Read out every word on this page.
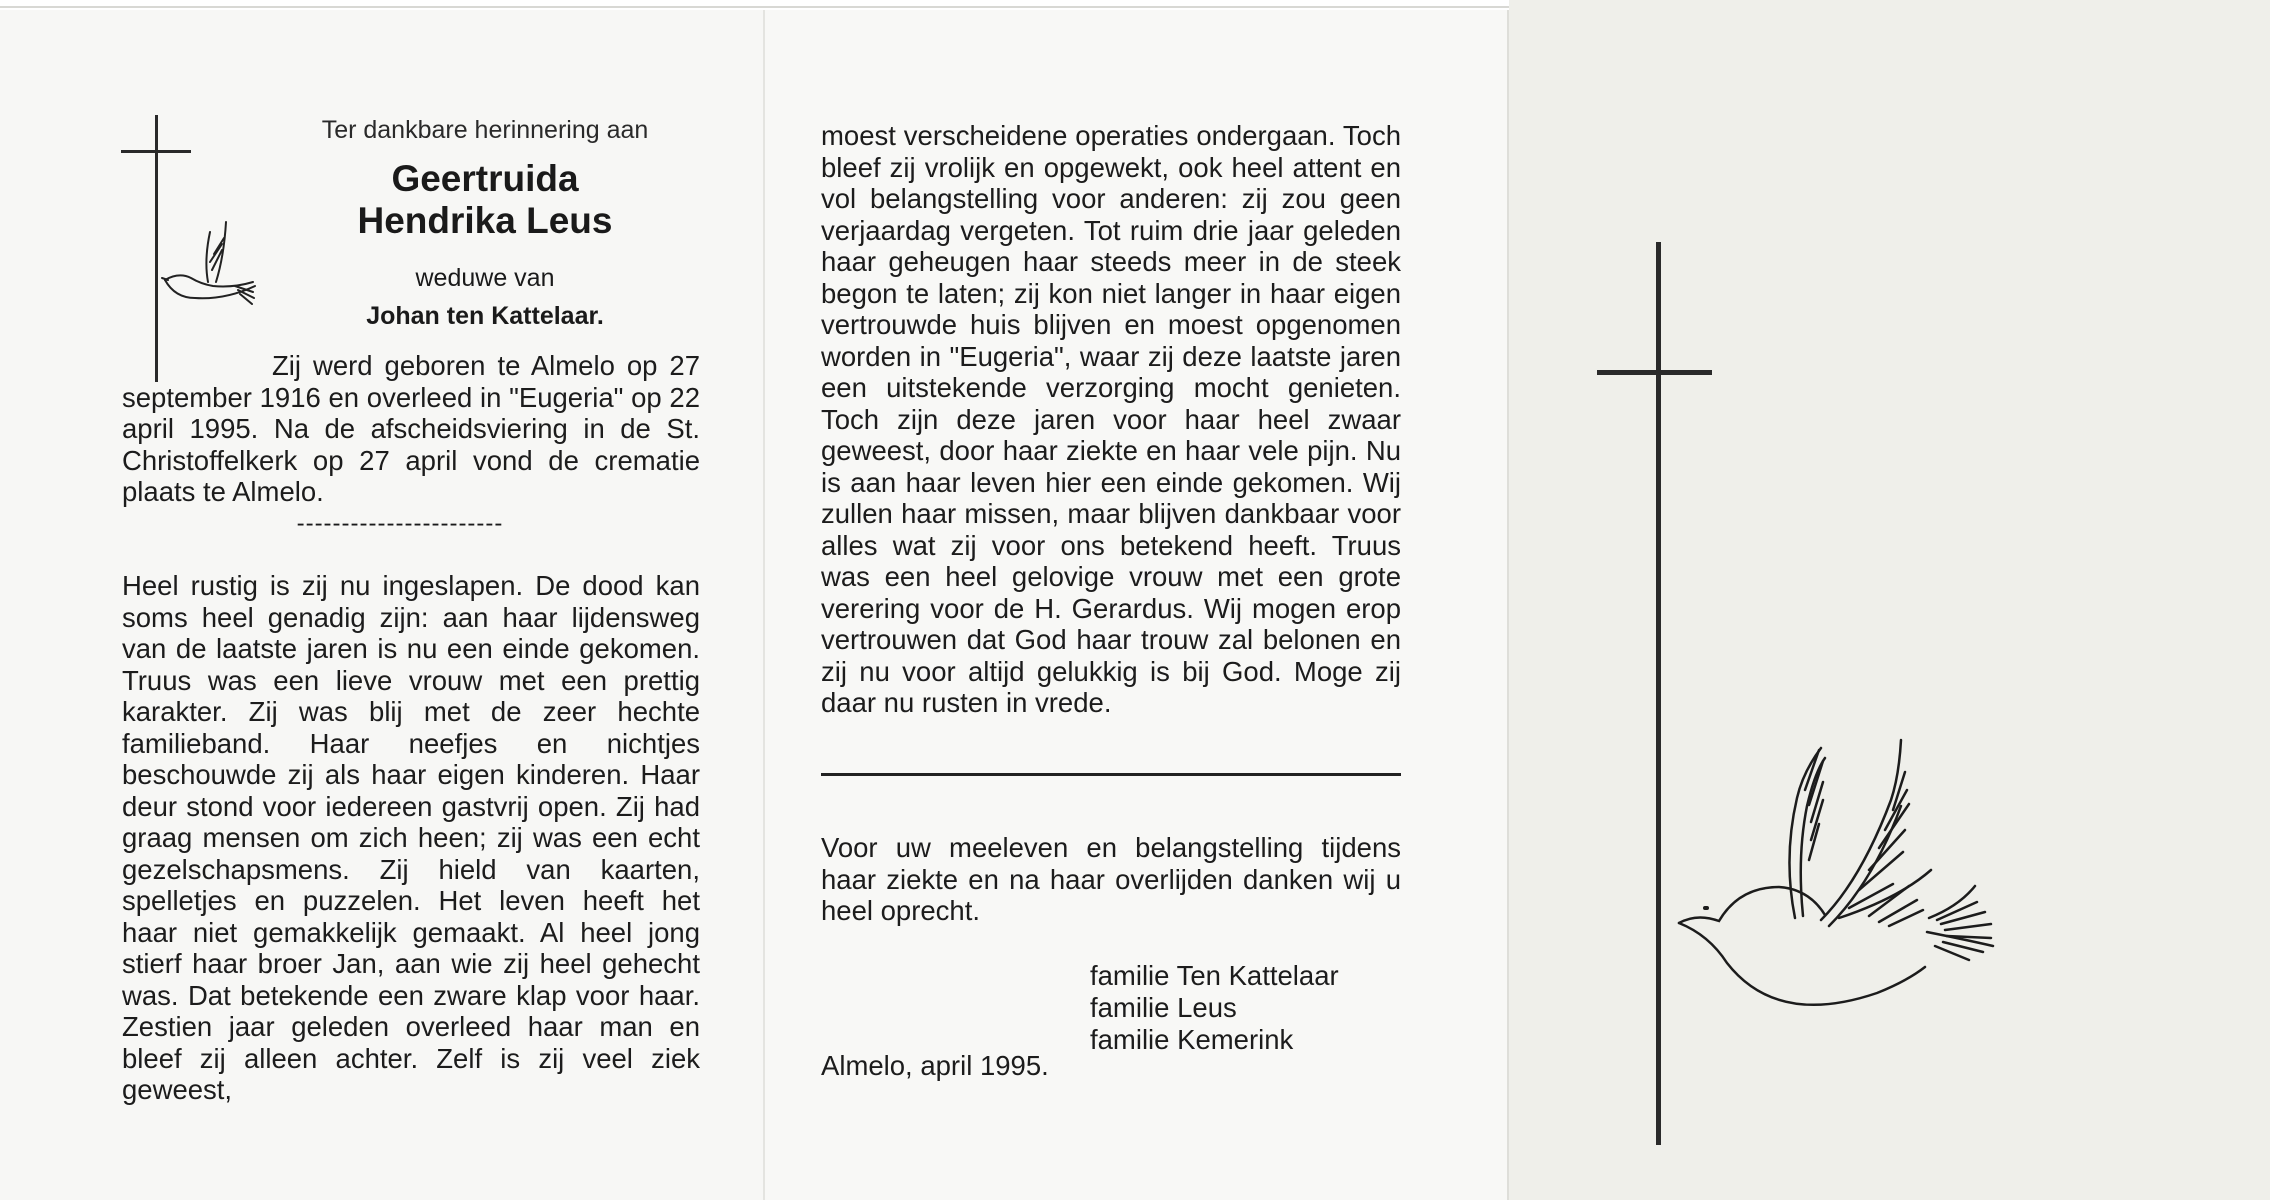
Ter dankbare herinnering aan

Geertruida

Hendrika Leus

weduwe van

Johan ten Kattelaar.

Zij werd geboren te Almelo op 27 september 1916 en overleed in "Eugeria" op 22 april 1995. Na de afscheidsviering in de St. Christoffelkerk op 27 april vond de crematie plaats te Almelo.

-----------------------

Heel rustig is zij nu ingeslapen. De dood kan soms heel genadig zijn: aan haar lijdensweg van de laatste jaren is nu een einde gekomen. Truus was een lieve vrouw met een prettig karakter. Zij was blij met de zeer hechte familieband. Haar neefjes en nichtjes beschouwde zij als haar eigen kinderen. Haar deur stond voor iedereen gastvrij open. Zij had graag mensen om zich heen; zij was een echt gezelschapsmens. Zij hield van kaarten, spelletjes en puzzelen. Het leven heeft het haar niet gemakkelijk gemaakt. Al heel jong stierf haar broer Jan, aan wie zij heel gehecht was. Dat betekende een zware klap voor haar. Zestien jaar geleden overleed haar man en bleef zij alleen achter. Zelf is zij veel ziek geweest,

moest verscheidene operaties ondergaan. Toch bleef zij vrolijk en opgewekt, ook heel attent en vol belangstelling voor anderen: zij zou geen verjaardag vergeten. Tot ruim drie jaar geleden haar geheugen haar steeds meer in de steek begon te laten; zij kon niet langer in haar eigen vertrouwde huis blijven en moest opgenomen worden in "Eugeria", waar zij deze laatste jaren een uitstekende verzorging mocht genieten. Toch zijn deze jaren voor haar heel zwaar geweest, door haar ziekte en haar vele pijn. Nu is aan haar leven hier een einde gekomen. Wij zullen haar missen, maar blijven dankbaar voor alles wat zij voor ons betekend heeft. Truus was een heel gelovige vrouw met een grote verering voor de H. Gerardus. Wij mogen erop vertrouwen dat God haar trouw zal belonen en zij nu voor altijd gelukkig is bij God. Moge zij daar nu rusten in vrede.

Voor uw meeleven en belangstelling tijdens haar ziekte en na haar overlijden danken wij u heel oprecht.

familie Ten Kattelaar

familie Leus

familie Kemerink

Almelo, april 1995.
